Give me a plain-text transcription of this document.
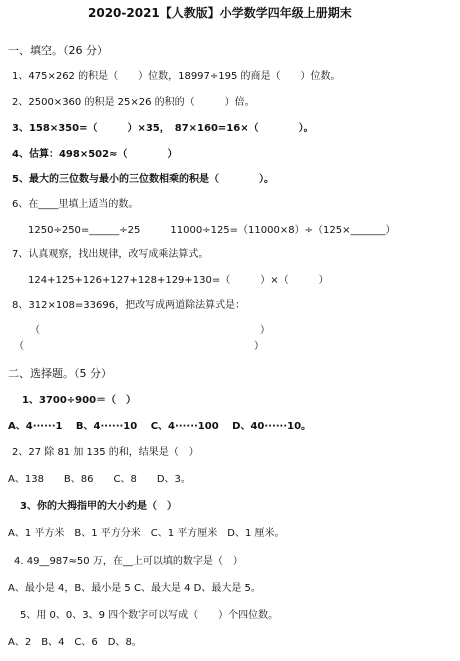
2020-2021【人教版】小学数学四年级上册期末
一、填空。（26 分）
1、475×262 的积是（　　）位数，18997÷195 的商是（　　）位数。
2、2500×360 的积是 25×26 的积的（　　　）倍。
3、158×350=（　　　）×35，　87×160=16×（　　　　）。
4、估算：498×502≈（　　　　）
5、最大的三位数与最小的三位数相乘的积是（　　　　）。
6、在____里填上适当的数。
1250÷250=______÷25　　　11000÷125=（11000×8）÷（125×_______）
7、认真观察，找出规律，改写成乘法算式。
124+125+126+127+128+129+130=（　　　）×（　　　）
8、312×108=33696，把改写成两道除法算式是：
（　　　　　　　　　　　　　　　　　　　　　　）
（　　　　　　　　　　　　　　　　　　　　　　　）
二、选择题。（5 分）
1、3700÷900＝（　）
A、4······1　 B、4······10　 C、4······100　 D、40······10。
2、27 除 81 加 135 的和，结果是（　）
A、138　　B、86　　C、8　　D、3。
3、你的大拇指甲的大小约是（　）
A、1 平方米　B、1 平方分米　C、1 平方厘米　D、1 厘米。
4. 49__987≈50 万，在__上可以填的数字是（　）
A、最小是 4，B、最小是 5 C、最大是 4 D、最大是 5。
5、用 0、0、3、9 四个数字可以写成（　　）个四位数。
A、2　B、4　C、6　D、8。
